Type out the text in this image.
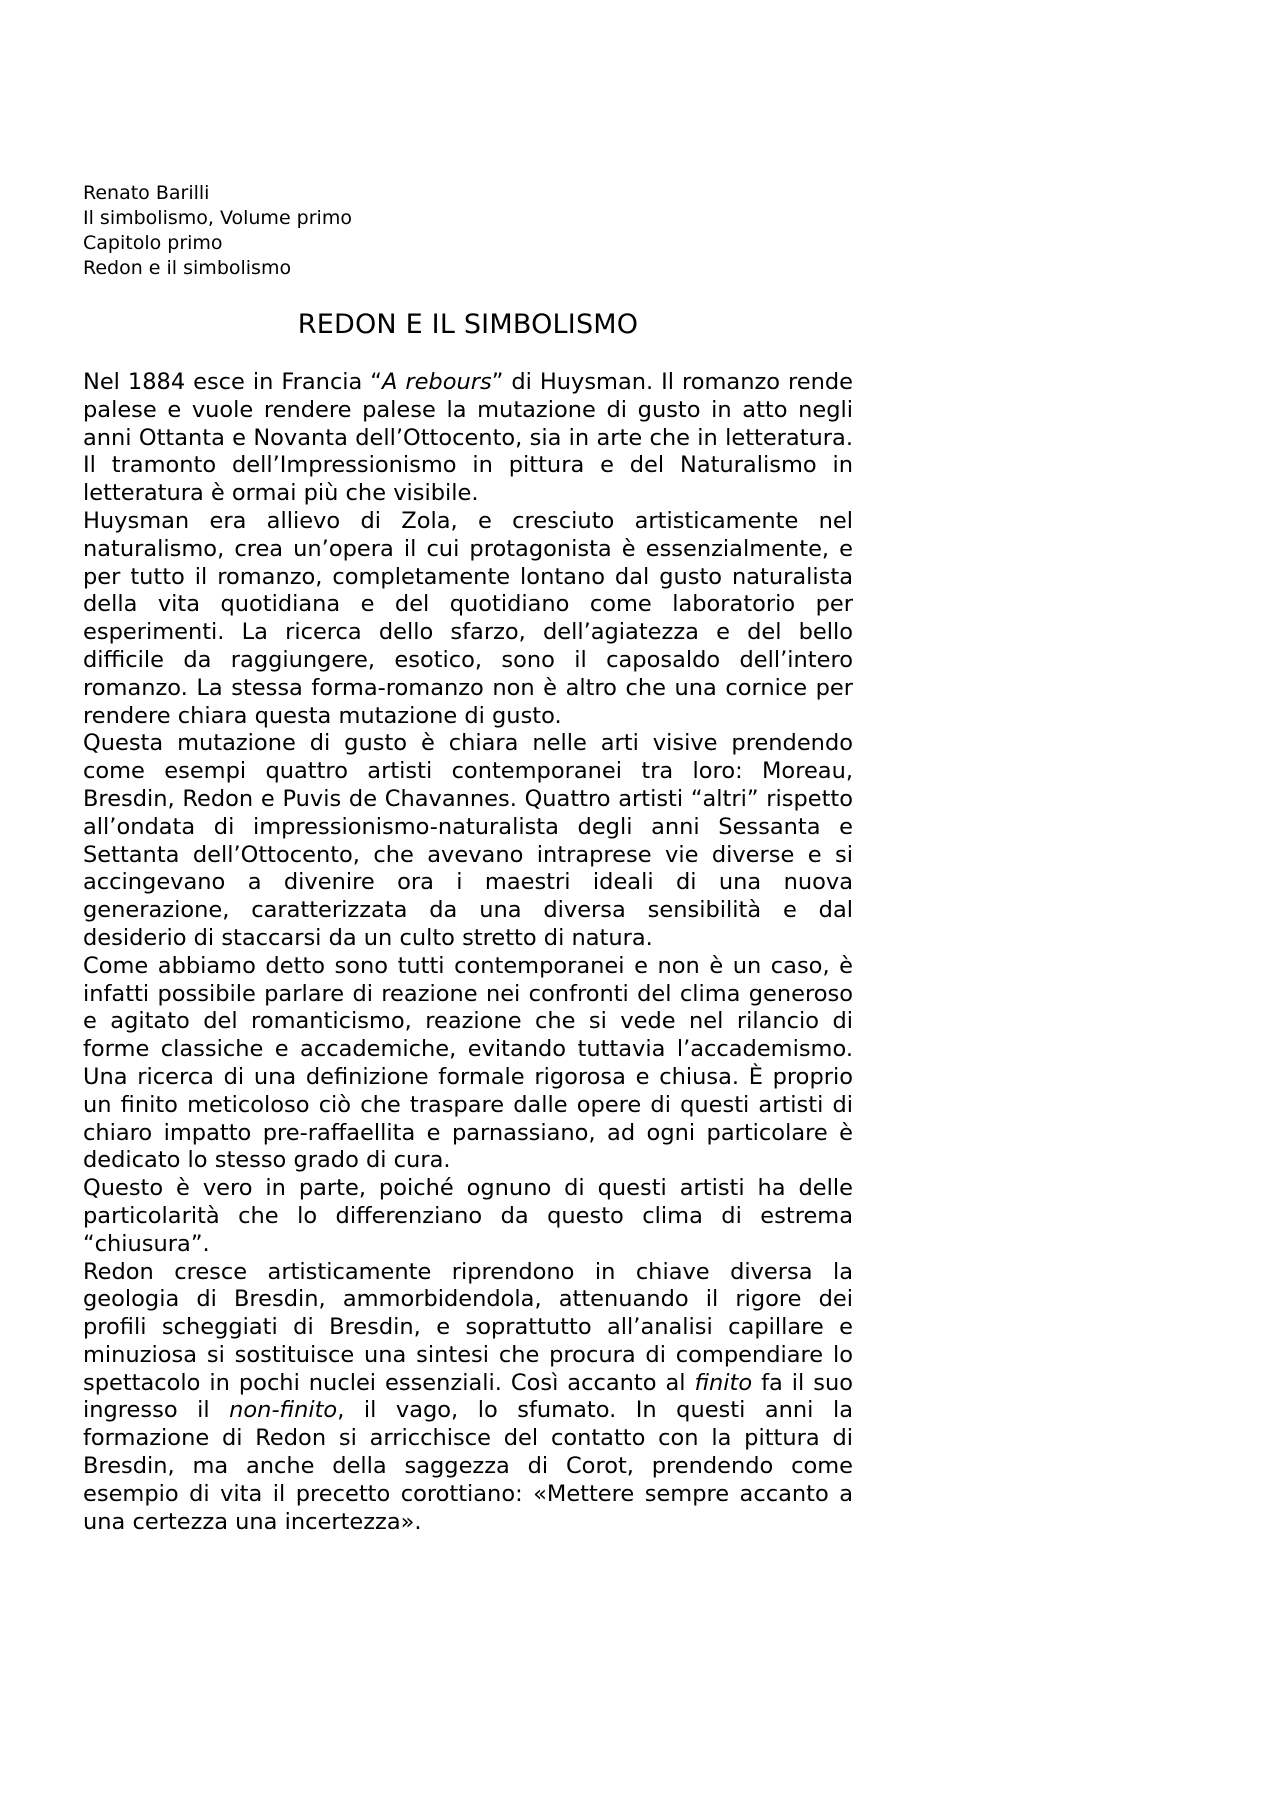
Renato Barilli
Il simbolismo, Volume primo
Capitolo primo
Redon e il simbolismo
REDON E IL SIMBOLISMO

Nel 1884 esce in Francia “A rebours” di Huysman. Il romanzo rende palese e vuole rendere palese la mutazione di gusto in atto negli anni Ottanta e Novanta dell’Ottocento, sia in arte che in letteratura. Il tramonto dell’Impressionismo in pittura e del Naturalismo in letteratura è ormai più che visibile.

Huysman era allievo di Zola, e cresciuto artisticamente nel naturalismo, crea un’opera il cui protagonista è essenzialmente, e per tutto il romanzo, completamente lontano dal gusto naturalista della vita quotidiana e del quotidiano come laboratorio per esperimenti. La ricerca dello sfarzo, dell’agiatezza e del bello difficile da raggiungere, esotico, sono il caposaldo dell’intero romanzo. La stessa forma-romanzo non è altro che una cornice per rendere chiara questa mutazione di gusto.

Questa mutazione di gusto è chiara nelle arti visive prendendo come esempi quattro artisti contemporanei tra loro: Moreau, Bresdin, Redon e Puvis de Chavannes. Quattro artisti “altri” rispetto all’ondata di impressionismo-naturalista degli anni Sessanta e Settanta dell’Ottocento, che avevano intraprese vie diverse e si accingevano a divenire ora i maestri ideali di una nuova generazione, caratterizzata da una diversa sensibilità e dal desiderio di staccarsi da un culto stretto di natura.

Come abbiamo detto sono tutti contemporanei e non è un caso, è infatti possibile parlare di reazione nei confronti del clima generoso e agitato del romanticismo, reazione che si vede nel rilancio di forme classiche e accademiche, evitando tuttavia l’accademismo. Una ricerca di una definizione formale rigorosa e chiusa. È proprio un finito meticoloso ciò che traspare dalle opere di questi artisti di chiaro impatto pre-raffaellita e parnassiano, ad ogni particolare è dedicato lo stesso grado di cura.

Questo è vero in parte, poiché ognuno di questi artisti ha delle particolarità che lo differenziano da questo clima di estrema “chiusura”.

Redon cresce artisticamente riprendono in chiave diversa la geologia di Bresdin, ammorbidendola, attenuando il rigore dei profili scheggiati di Bresdin, e soprattutto all’analisi capillare e minuziosa si sostituisce una sintesi che procura di compendiare lo spettacolo in pochi nuclei essenziali. Così accanto al finito fa il suo ingresso il non-finito, il vago, lo sfumato. In questi anni la formazione di Redon si arricchisce del contatto con la pittura di Bresdin, ma anche della saggezza di Corot, prendendo come esempio di vita il precetto corottiano: «Mettere sempre accanto a una certezza una incertezza».
